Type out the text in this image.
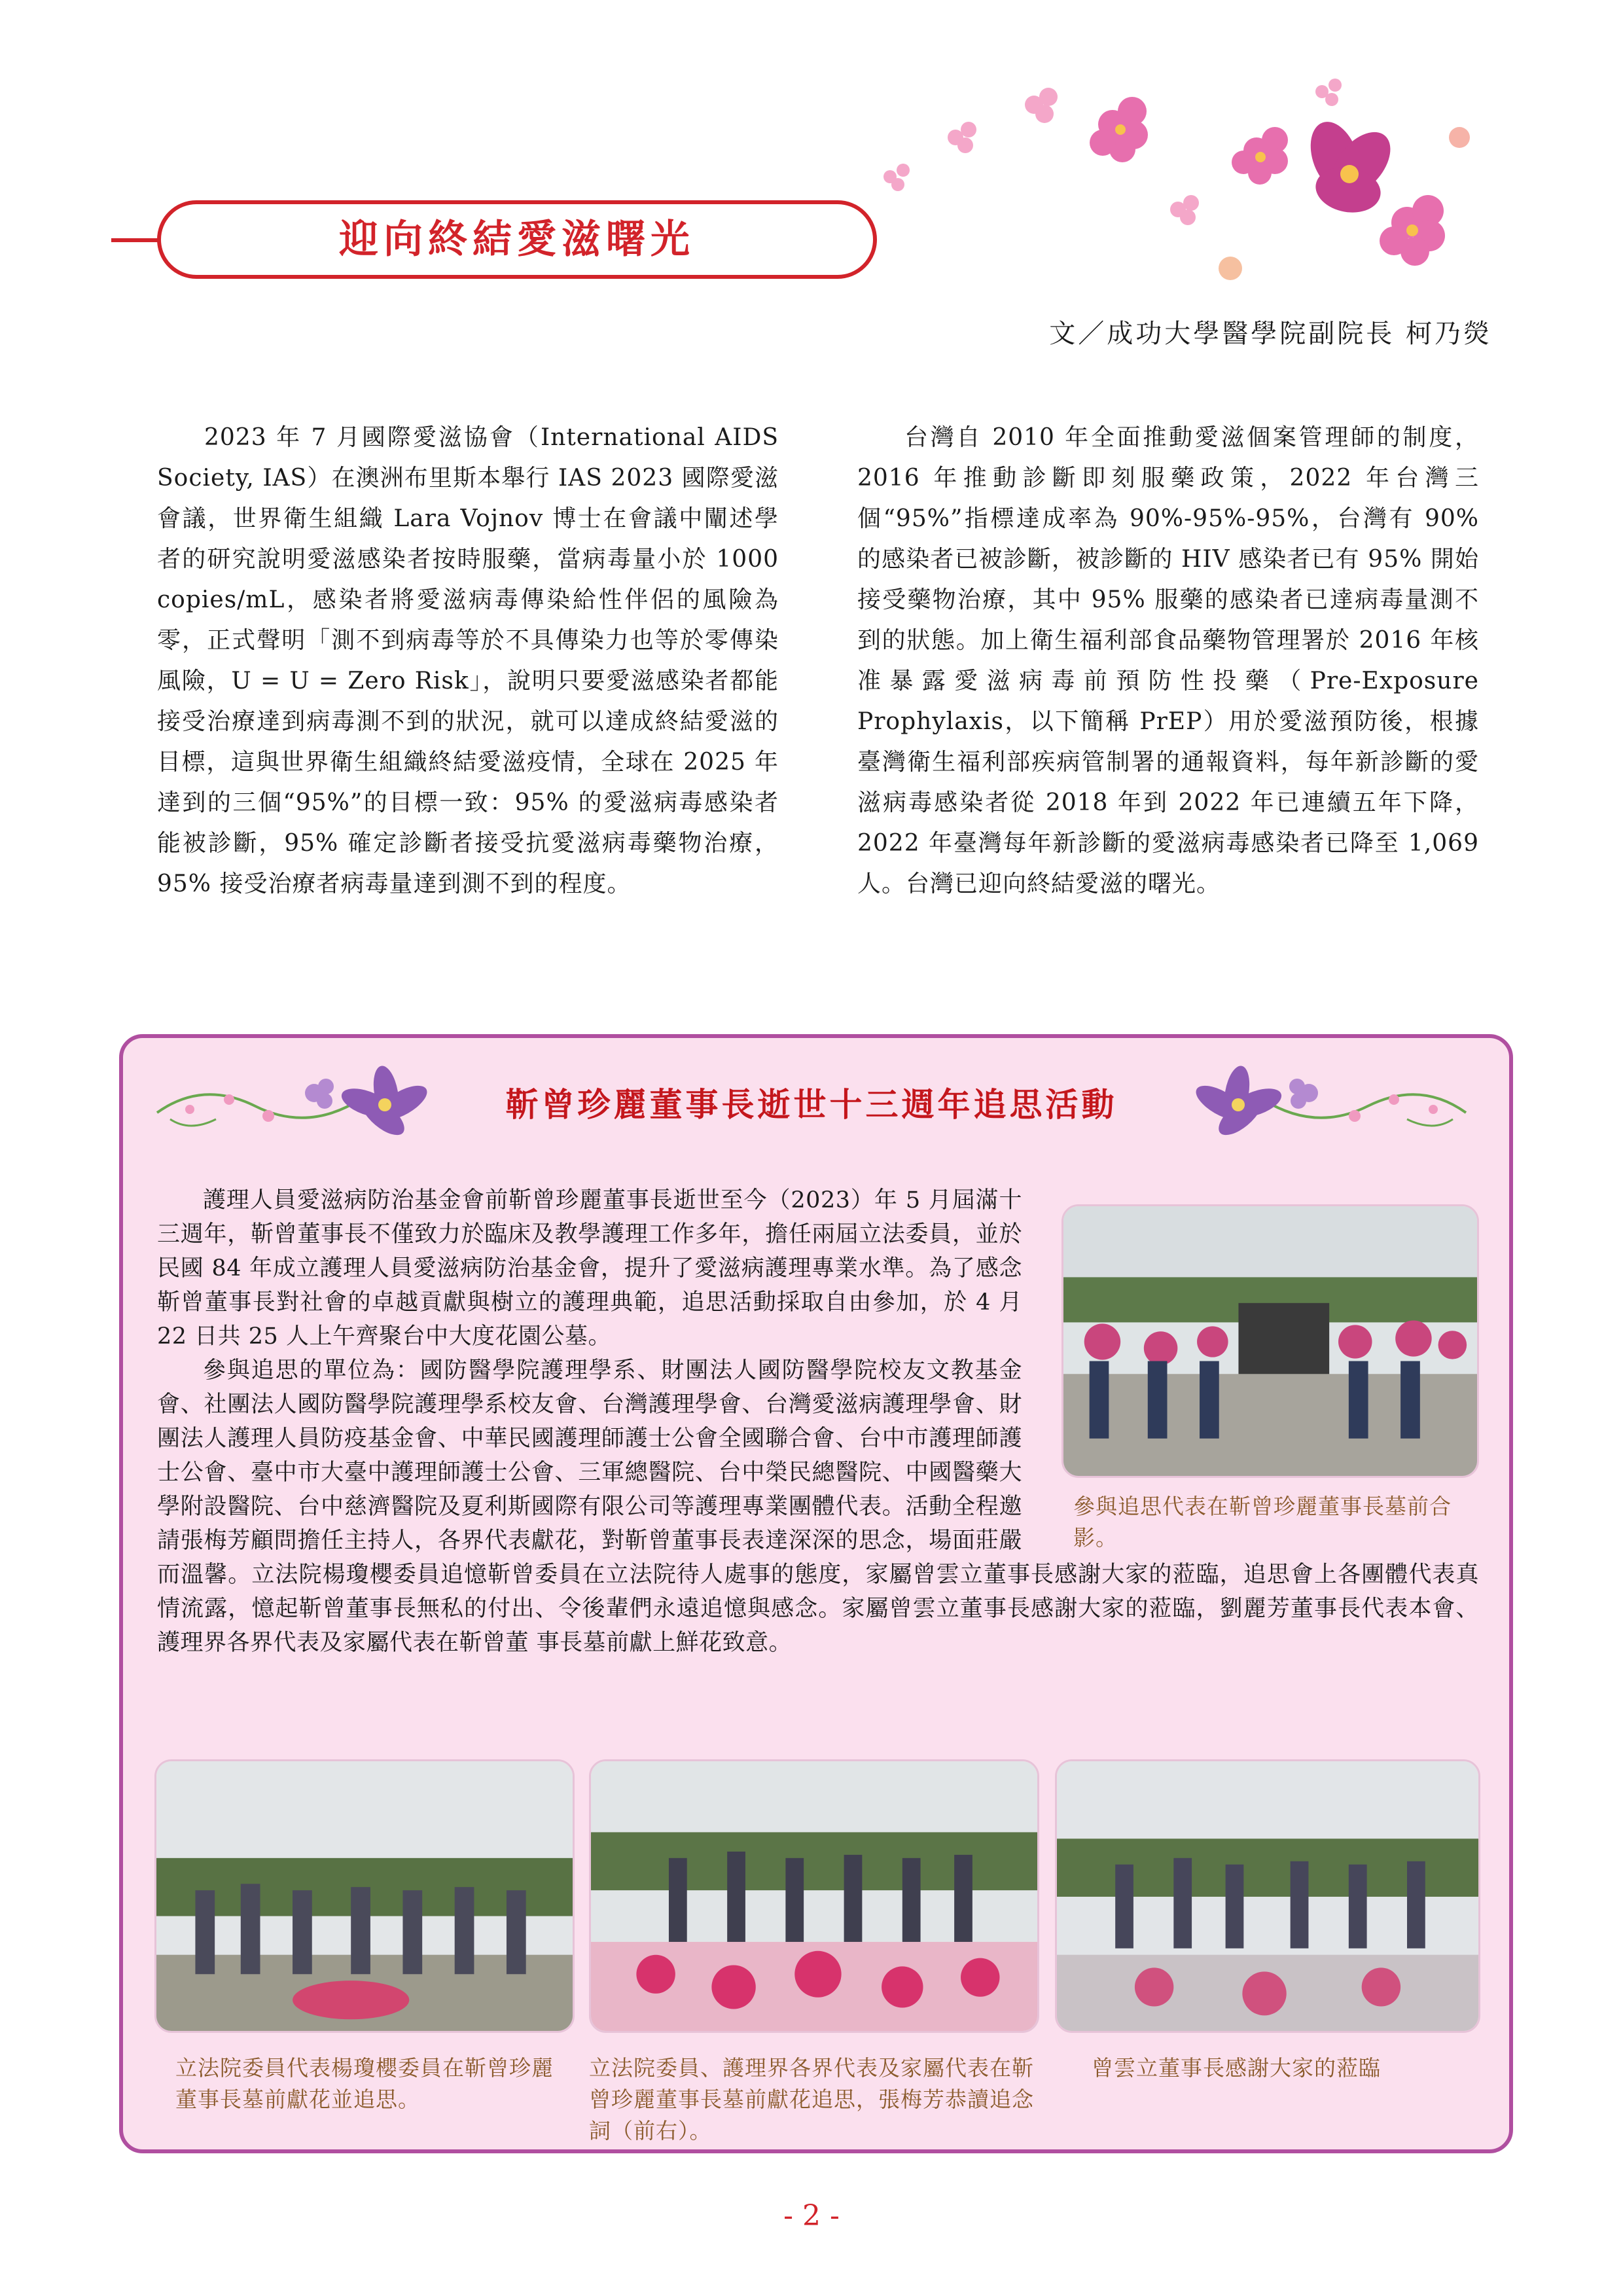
迎向終結愛滋曙光
文／成功大學醫學院副院長 柯乃熒

2023 年 7 月國際愛滋協會（International AIDS Society, IAS）在澳洲布里斯本舉行 IAS 2023 國際愛滋會議，世界衛生組織 Lara Vojnov 博士在會議中闡述學者的研究說明愛滋感染者按時服藥，當病毒量小於 1000 copies/mL，感染者將愛滋病毒傳染給性伴侶的風險為零，正式聲明「測不到病毒等於不具傳染力也等於零傳染風險，U = U = Zero Risk」，說明只要愛滋感染者都能接受治療達到病毒測不到的狀況，就可以達成終結愛滋的目標，這與世界衛生組織終結愛滋疫情，全球在 2025 年達到的三個“95%”的目標一致：95% 的愛滋病毒感染者能被診斷，95% 確定診斷者接受抗愛滋病毒藥物治療，95% 接受治療者病毒量達到測不到的程度。

台灣自 2010 年全面推動愛滋個案管理師的制度，2016 年推動診斷即刻服藥政策，2022 年台灣三個“95%”指標達成率為 90%-95%-95%，台灣有 90% 的感染者已被診斷，被診斷的 HIV 感染者已有 95% 開始接受藥物治療，其中 95% 服藥的感染者已達病毒量測不到的狀態。加上衛生福利部食品藥物管理署於 2016 年核准暴露愛滋病毒前預防性投藥（Pre-Exposure Prophylaxis，以下簡稱 PrEP）用於愛滋預防後，根據臺灣衛生福利部疾病管制署的通報資料，每年新診斷的愛滋病毒感染者從 2018 年到 2022 年已連續五年下降，2022 年臺灣每年新診斷的愛滋病毒感染者已降至 1,069 人。台灣已迎向終結愛滋的曙光。

靳曾珍麗董事長逝世十三週年追思活動

護理人員愛滋病防治基金會前靳曾珍麗董事長逝世至今（2023）年 5 月屆滿十三週年，靳曾董事長不僅致力於臨床及教學護理工作多年，擔任兩屆立法委員，並於民國 84 年成立護理人員愛滋病防治基金會，提升了愛滋病護理專業水準。為了感念靳曾董事長對社會的卓越貢獻與樹立的護理典範，追思活動採取自由參加，於 4 月 22 日共 25 人上午齊聚台中大度花園公墓。

參與追思的單位為：國防醫學院護理學系、財團法人國防醫學院校友文教基金會、社團法人國防醫學院護理學系校友會、台灣護理學會、台灣愛滋病護理學會、財團法人護理人員防疫基金會、中華民國護理師護士公會全國聯合會、台中市護理師護士公會、臺中市大臺中護理師護士公會、三軍總醫院、台中榮民總醫院、中國醫藥大學附設醫院、台中慈濟醫院及夏利斯國際有限公司等護理專業團體代表。活動全程邀請張梅芳顧問擔任主持人，各界代表獻花，對靳曾董事長表達深深的思念，場面莊嚴而溫馨。立法院楊瓊櫻委員追憶靳曾委員在立法院待人處事的態度，家屬曾雲立董事長感謝大家的蒞臨，追思會上各團體代表真情流露，憶起靳曾董事長無私的付出、令後輩們永遠追憶與感念。家屬曾雲立董事長感謝大家的蒞臨，劉麗芳董事長代表本會、護理界各界代表及家屬代表在靳曾董 事長墓前獻上鮮花致意。

參與追思代表在靳曾珍麗董事長墓前合影。
立法院委員代表楊瓊櫻委員在靳曾珍麗董事長墓前獻花並追思。
立法院委員、護理界各界代表及家屬代表在靳曾珍麗董事長墓前獻花追思，張梅芳恭讀追念詞（前右）。
曾雲立董事長感謝大家的蒞臨
- 2 -
